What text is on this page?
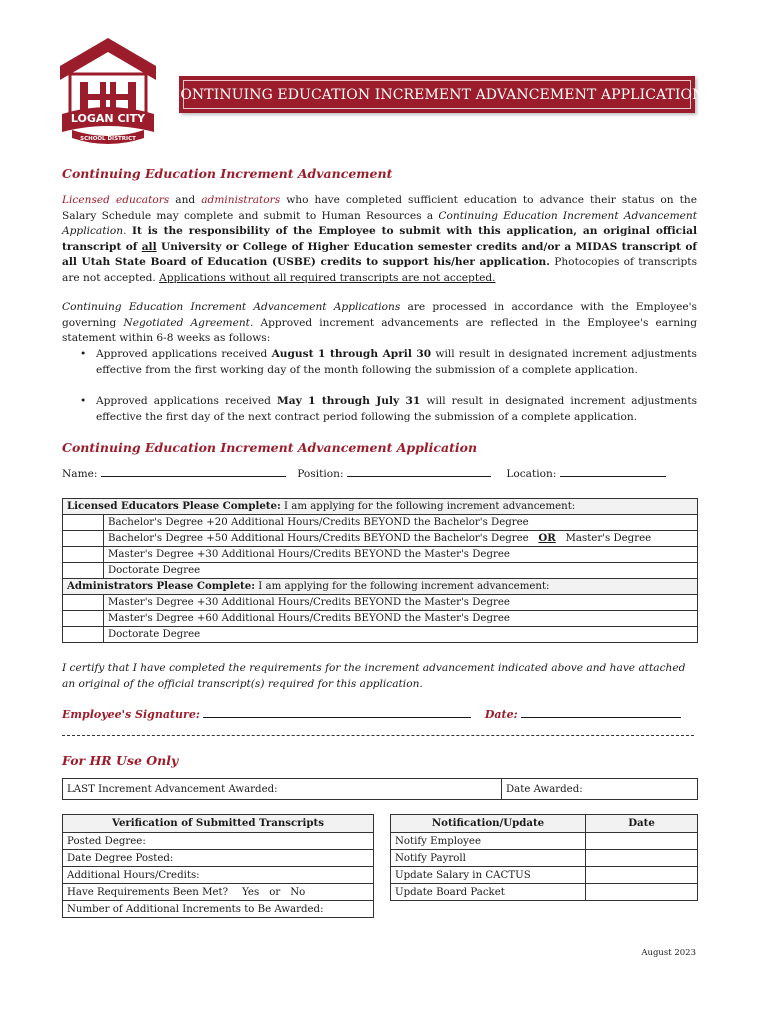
LOGAN CITY
SCHOOL DISTRICT
CONTINUING EDUCATION INCREMENT ADVANCEMENT APPLICATION
Continuing Education Increment Advancement
Licensed educators and administrators who have completed sufficient education to advance their status on the Salary Schedule may complete and submit to Human Resources a Continuing Education Increment Advancement Application. It is the responsibility of the Employee to submit with this application, an original official transcript of all University or College of Higher Education semester credits and/or a MIDAS transcript of all Utah State Board of Education (USBE) credits to support his/her application. Photocopies of transcripts are not accepted. Applications without all required transcripts are not accepted.
Continuing Education Increment Advancement Applications are processed in accordance with the Employee's governing Negotiated Agreement. Approved increment advancements are reflected in the Employee's earning statement within 6-8 weeks as follows:
• Approved applications received August 1 through April 30 will result in designated increment adjustments effective from the first working day of the month following the submission of a complete application.
• Approved applications received May 1 through July 31 will result in designated increment adjustments effective the first day of the next contract period following the submission of a complete application.
Continuing Education Increment Advancement Application
Name:	Position:	Location:
Licensed Educators Please Complete: I am applying for the following increment advancement:	
	Bachelor's Degree +20 Additional Hours/Credits BEYOND the Bachelor's Degree
	Bachelor's Degree +50 Additional Hours/Credits BEYOND the Bachelor's Degree OR Master's Degree
	Master's Degree +30 Additional Hours/Credits BEYOND the Master's Degree
	Doctorate Degree
Administrators Please Complete: I am applying for the following increment advancement:	
	Master's Degree +30 Additional Hours/Credits BEYOND the Master's Degree
	Master's Degree +60 Additional Hours/Credits BEYOND the Master's Degree
	Doctorate Degree
I certify that I have completed the requirements for the increment advancement indicated above and have attached an original of the official transcript(s) required for this application.
Employee's Signature:	Date:
For HR Use Only
LAST Increment Advancement Awarded:	Date Awarded:
Verification of Submitted Transcripts
Posted Degree:
Date Degree Posted:
Additional Hours/Credits:
Have Requirements Been Met? Yes or No
Number of Additional Increments to Be Awarded:
Notification/Update	Date
Notify Employee	
Notify Payroll	
Update Salary in CACTUS	
Update Board Packet	
August 2023
